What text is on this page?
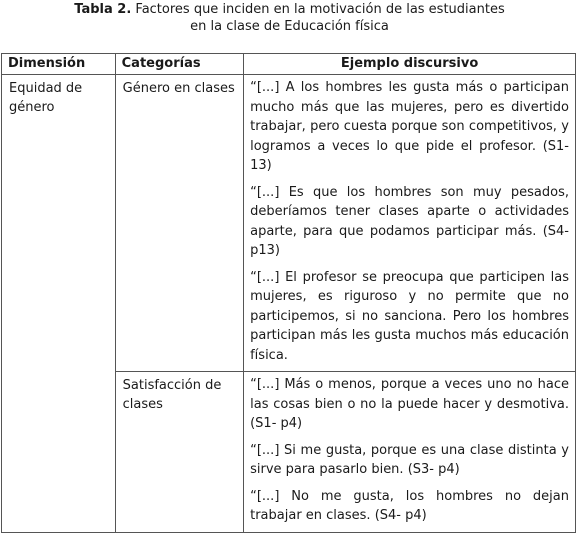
Tabla 2. Factores que inciden en la motivación de las estudiantes
en la clase de Educación física
Dimensión	Categorías	Ejemplo discursivo

Equidad de género	Género en clases	“[...] A los hombres les gusta más o participan mucho más que las mujeres, pero es divertido trabajar, pero cuesta porque son competitivos, y logramos a veces lo que pide el profesor. (S1- 13)
“[...] Es que los hombres son muy pesados, deberíamos tener clases aparte o actividades aparte, para que podamos participar más. (S4- p13)
“[...] El profesor se preocupa que participen las mujeres, es riguroso y no permite que no participemos, si no sanciona. Pero los hombres participan más les gusta muchos más educación física.

	Satisfacción de clases	“[...] Más o menos, porque a veces uno no hace las cosas bien o no la puede hacer y desmotiva. (S1- p4)
“[...] Si me gusta, porque es una clase distinta y sirve para pasarlo bien. (S3- p4)
“[...] No me gusta, los hombres no dejan trabajar en clases. (S4- p4)
